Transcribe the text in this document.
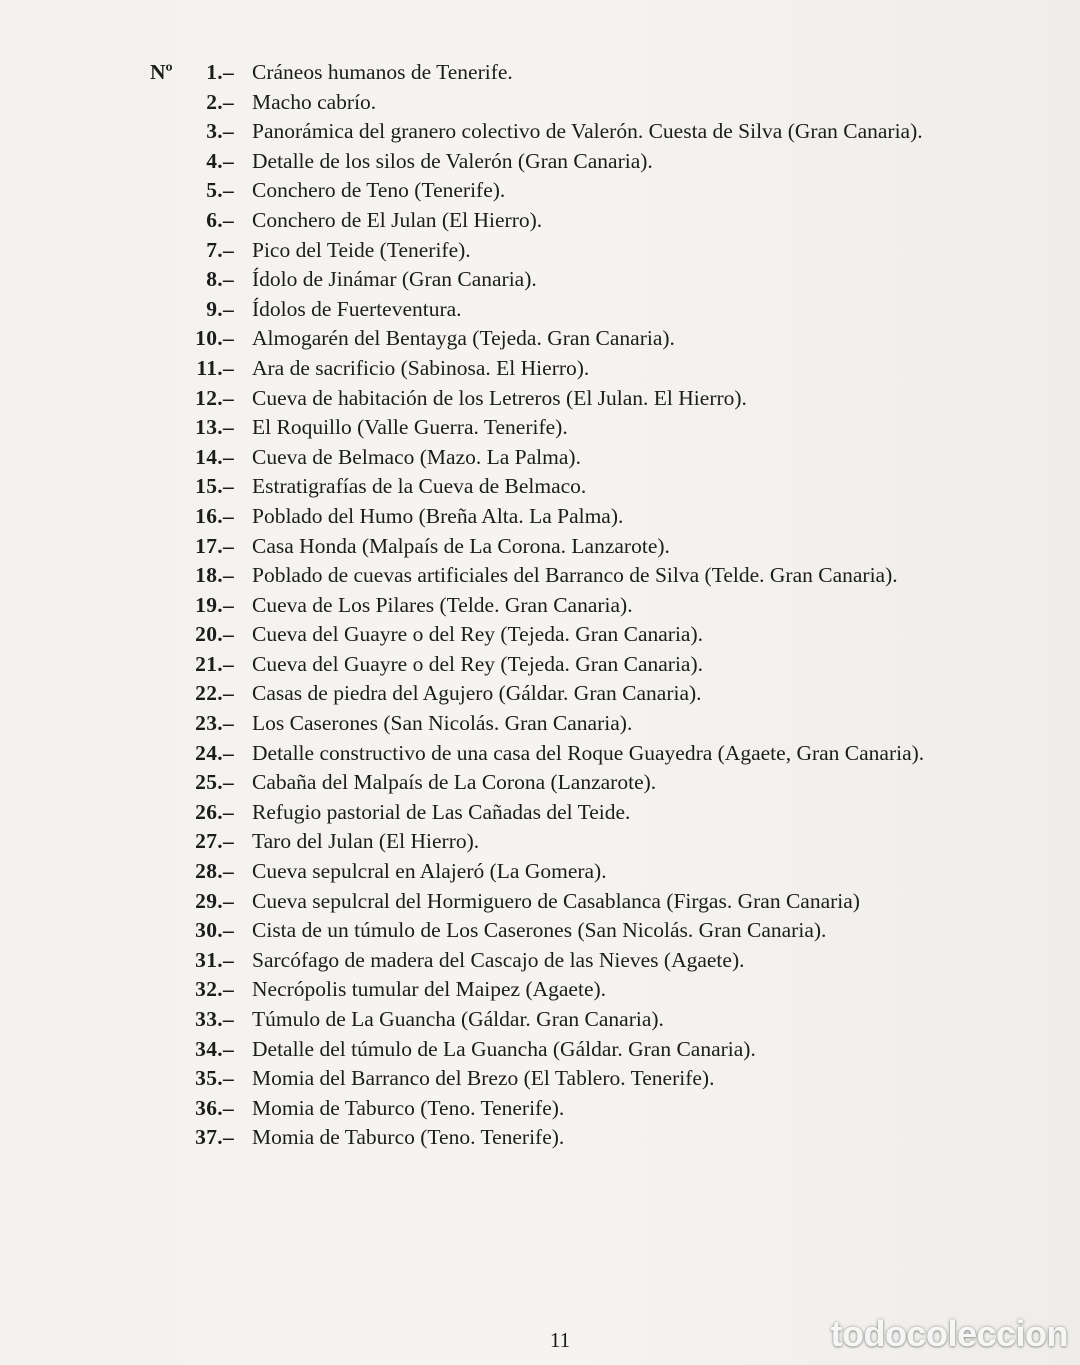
Nº	1.– Cráneos humanos de Tenerife.
2.– Macho cabrío.
3.– Panorámica del granero colectivo de Valerón. Cuesta de Silva (Gran Canaria).
4.– Detalle de los silos de Valerón (Gran Canaria).
5.– Conchero de Teno (Tenerife).
6.– Conchero de El Julan (El Hierro).
7.– Pico del Teide (Tenerife).
8.– Ídolo de Jinámar (Gran Canaria).
9.– Ídolos de Fuerteventura.
10.– Almogarén del Bentayga (Tejeda. Gran Canaria).
11.– Ara de sacrificio (Sabinosa. El Hierro).
12.– Cueva de habitación de los Letreros (El Julan. El Hierro).
13.– El Roquillo (Valle Guerra. Tenerife).
14.– Cueva de Belmaco (Mazo. La Palma).
15.– Estratigrafías de la Cueva de Belmaco.
16.– Poblado del Humo (Breña Alta. La Palma).
17.– Casa Honda (Malpaís de La Corona. Lanzarote).
18.– Poblado de cuevas artificiales del Barranco de Silva (Telde. Gran Canaria).
19.– Cueva de Los Pilares (Telde. Gran Canaria).
20.– Cueva del Guayre o del Rey (Tejeda. Gran Canaria).
21.– Cueva del Guayre o del Rey (Tejeda. Gran Canaria).
22.– Casas de piedra del Agujero (Gáldar. Gran Canaria).
23.– Los Caserones (San Nicolás. Gran Canaria).
24.– Detalle constructivo de una casa del Roque Guayedra (Agaete, Gran Canaria).
25.– Cabaña del Malpaís de La Corona (Lanzarote).
26.– Refugio pastorial de Las Cañadas del Teide.
27.– Taro del Julan (El Hierro).
28.– Cueva sepulcral en Alajeró (La Gomera).
29.– Cueva sepulcral del Hormiguero de Casablanca (Firgas. Gran Canaria)
30.– Cista de un túmulo de Los Caserones (San Nicolás. Gran Canaria).
31.– Sarcófago de madera del Cascajo de las Nieves (Agaete).
32.– Necrópolis tumular del Maipez (Agaete).
33.– Túmulo de La Guancha (Gáldar. Gran Canaria).
34.– Detalle del túmulo de La Guancha (Gáldar. Gran Canaria).
35.– Momia del Barranco del Brezo (El Tablero. Tenerife).
36.– Momia de Taburco (Teno. Tenerife).
37.– Momia de Taburco (Teno. Tenerife).
11	todocoleccion
